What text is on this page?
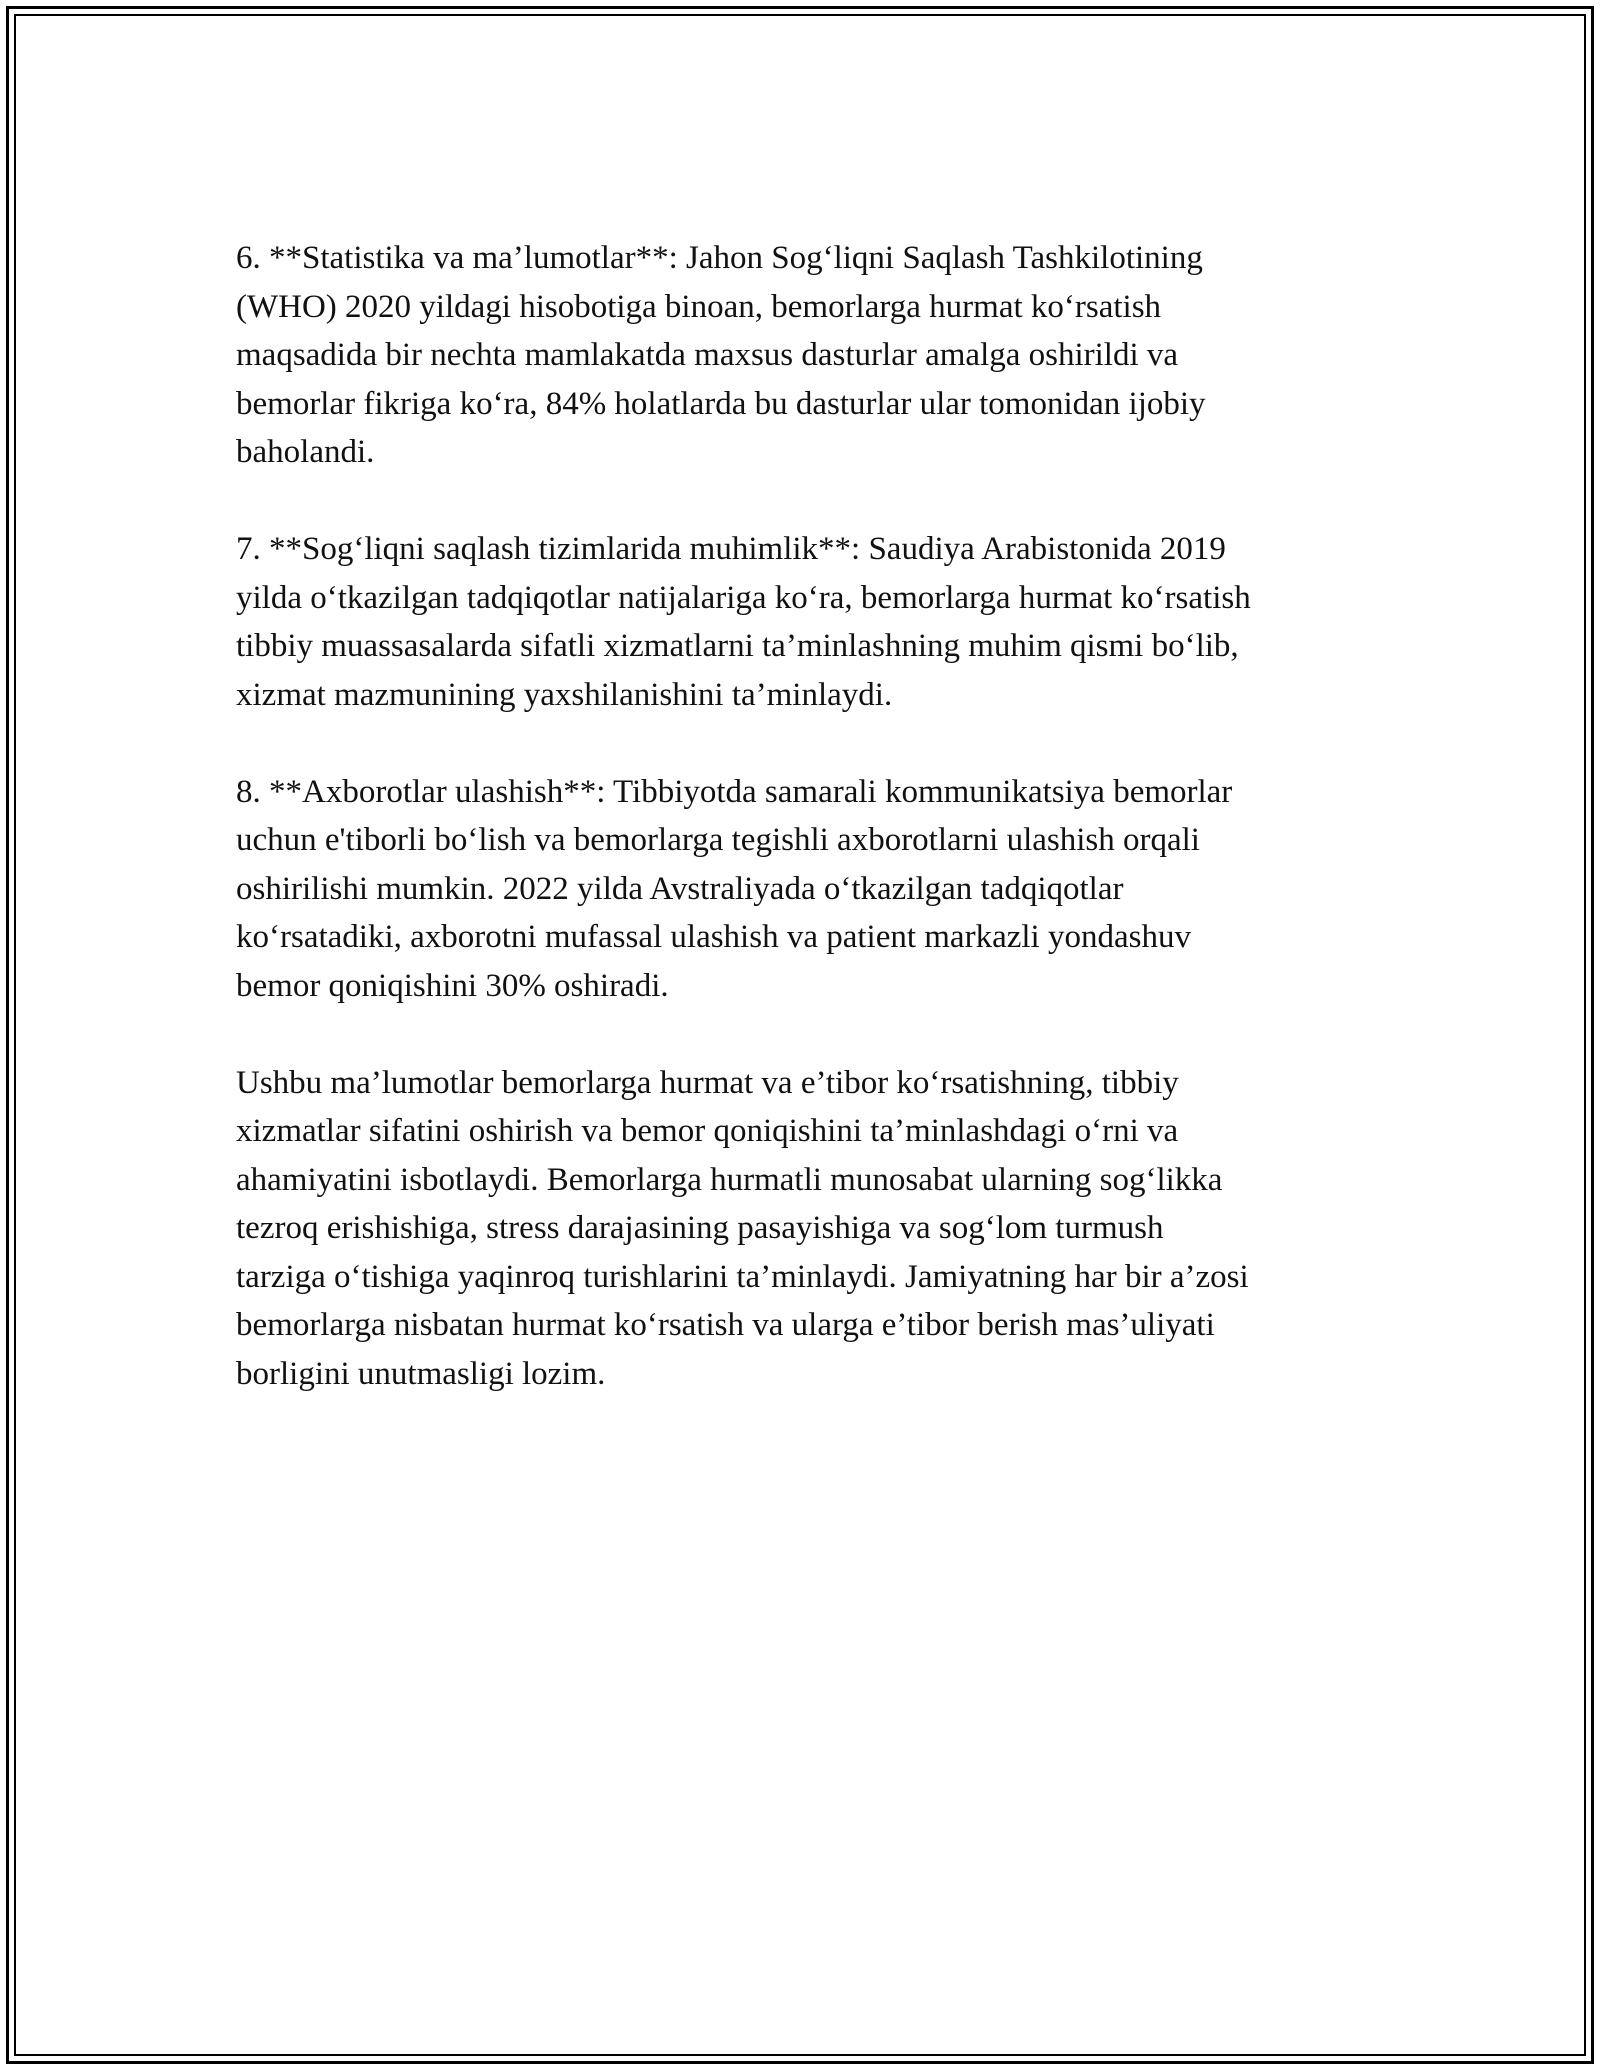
6. **Statistika va ma’lumotlar**: Jahon Sog‘liqni Saqlash Tashkilotining
(WHO) 2020 yildagi hisobotiga binoan, bemorlarga hurmat ko‘rsatish
maqsadida bir nechta mamlakatda maxsus dasturlar amalga oshirildi va
bemorlar fikriga ko‘ra, 84% holatlarda bu dasturlar ular tomonidan ijobiy
baholandi.

7. **Sog‘liqni saqlash tizimlarida muhimlik**: Saudiya Arabistonida 2019
yilda o‘tkazilgan tadqiqotlar natijalariga ko‘ra, bemorlarga hurmat ko‘rsatish
tibbiy muassasalarda sifatli xizmatlarni ta’minlashning muhim qismi bo‘lib,
xizmat mazmunining yaxshilanishini ta’minlaydi.

8. **Axborotlar ulashish**: Tibbiyotda samarali kommunikatsiya bemorlar
uchun e'tiborli bo‘lish va bemorlarga tegishli axborotlarni ulashish orqali
oshirilishi mumkin. 2022 yilda Avstraliyada o‘tkazilgan tadqiqotlar
ko‘rsatadiki, axborotni mufassal ulashish va patient markazli yondashuv
bemor qoniqishini 30% oshiradi.

Ushbu ma’lumotlar bemorlarga hurmat va e’tibor ko‘rsatishning, tibbiy
xizmatlar sifatini oshirish va bemor qoniqishini ta’minlashdagi o‘rni va
ahamiyatini isbotlaydi. Bemorlarga hurmatli munosabat ularning sog‘likka
tezroq erishishiga, stress darajasining pasayishiga va sog‘lom turmush
tarziga o‘tishiga yaqinroq turishlarini ta’minlaydi. Jamiyatning har bir a’zosi
bemorlarga nisbatan hurmat ko‘rsatish va ularga e’tibor berish mas’uliyati
borligini unutmasligi lozim.
